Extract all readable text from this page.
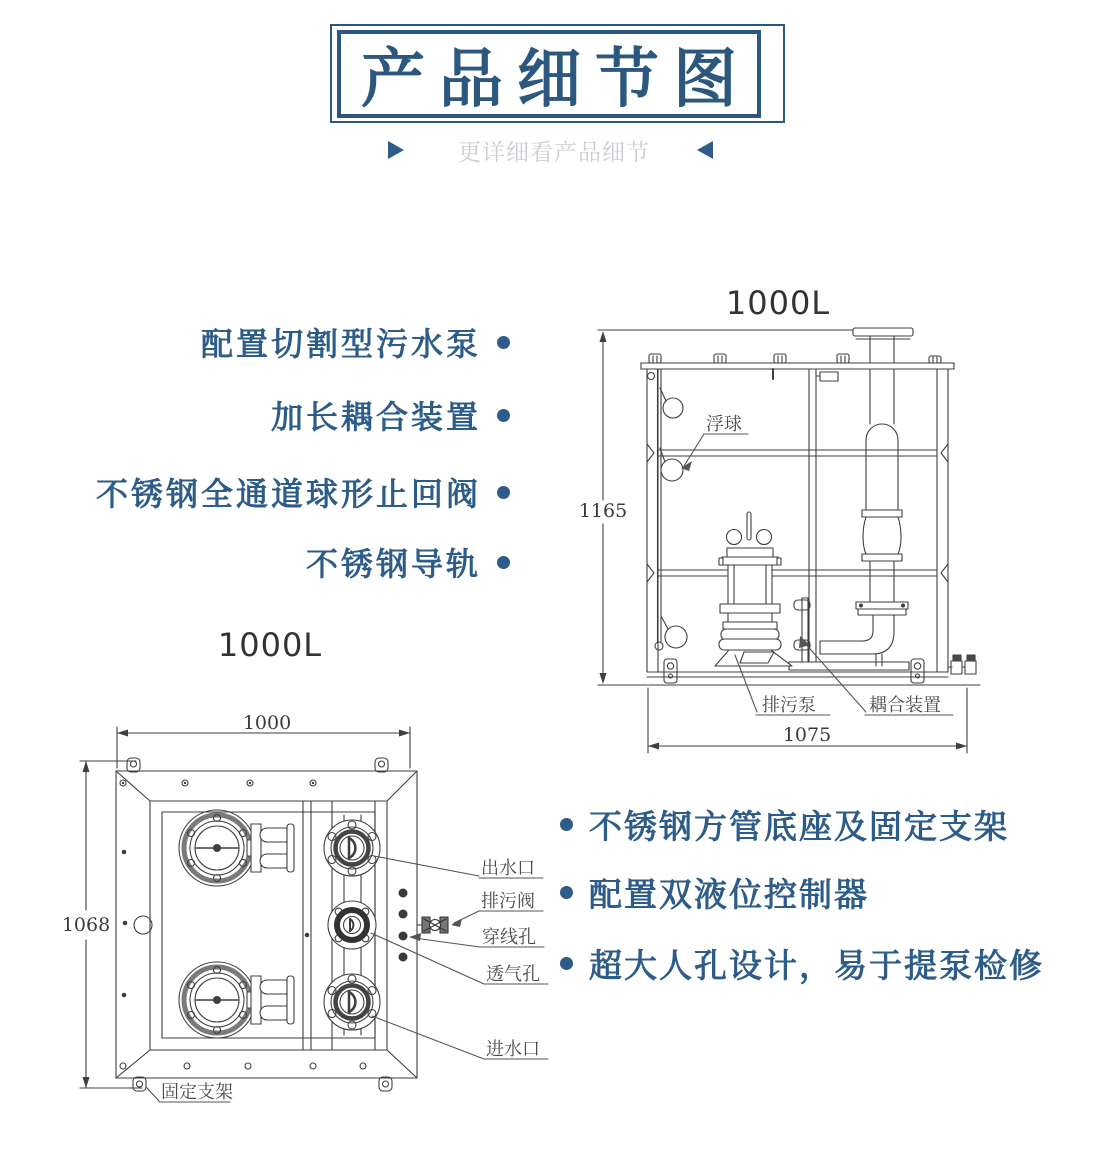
产品细节图
更详细看产品细节
配置切割型污水泵
加长耦合装置
不锈钢全通道球形止回阀
不锈钢导轨
不锈钢方管底座及固定支架
配置双液位控制器
超大人孔设计，易于提泵检修
1000L
1165
1075
浮球
排污泵	耦合装置
1000L
1000
1068
出水口
排污阀
穿线孔
透气孔
进水口
固定支架
